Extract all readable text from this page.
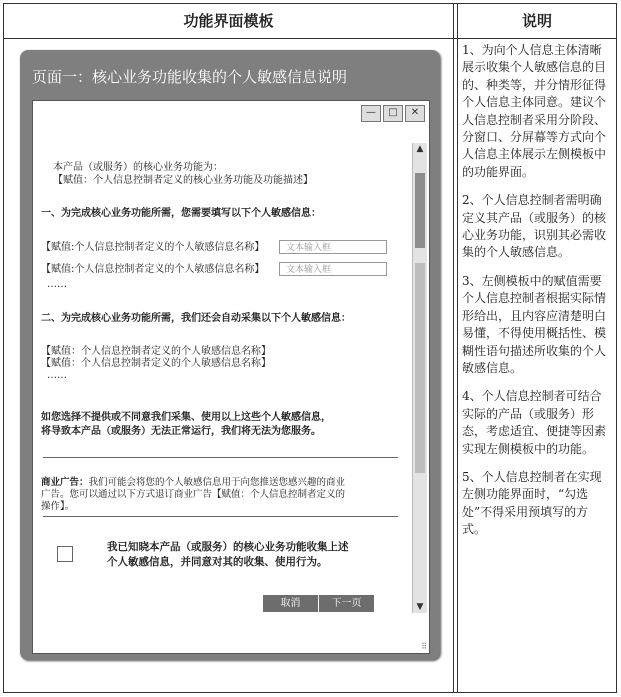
功能界面模板	说明
页面一：核心业务功能收集的个人敏感信息说明
—	□	✕
▲
▼
本产品（或服务）的核心业务功能为：
【赋值：个人信息控制者定义的核心业务功能及功能描述】
一、为完成核心业务功能所需，您需要填写以下个人敏感信息：
【赋值:个人信息控制者定义的个人敏感信息名称】	文本输入框
【赋值:个人信息控制者定义的个人敏感信息名称】	文本输入框
……
二、为完成核心业务功能所需，我们还会自动采集以下个人敏感信息：
【赋值：个人信息控制者定义的个人敏感信息名称】
【赋值：个人信息控制者定义的个人敏感信息名称】
……
如您选择不提供或不同意我们采集、使用以上这些个人敏感信息，
将导致本产品（或服务）无法正常运行，我们将无法为您服务。
商业广告：我们可能会将您的个人敏感信息用于向您推送您感兴趣的商业
广告。您可以通过以下方式退订商业广告【赋值：个人信息控制者定义的
操作】。
我已知晓本产品（或服务）的核心业务功能收集上述
个人敏感信息，并同意对其的收集、使用行为。
取消	下一页
⠿
1、为向个人信息主体清晰展示收集个人敏感信息的目的、种类等，并分情形征得个人信息主体同意。建议个人信息控制者采用分阶段、分窗口、分屏幕等方式向个人信息主体展示左侧模板中的功能界面。
2、个人信息控制者需明确定义其产品（或服务）的核心业务功能，识别其必需收集的个人敏感信息。
3、左侧模板中的赋值需要个人信息控制者根据实际情形给出，且内容应清楚明白易懂，不得使用概括性、模糊性语句描述所收集的个人敏感信息。
4、个人信息控制者可结合实际的产品（或服务）形态，考虑适宜、便捷等因素实现左侧模板中的功能。
5、个人信息控制者在实现左侧功能界面时，“勾选处”不得采用预填写的方式。
